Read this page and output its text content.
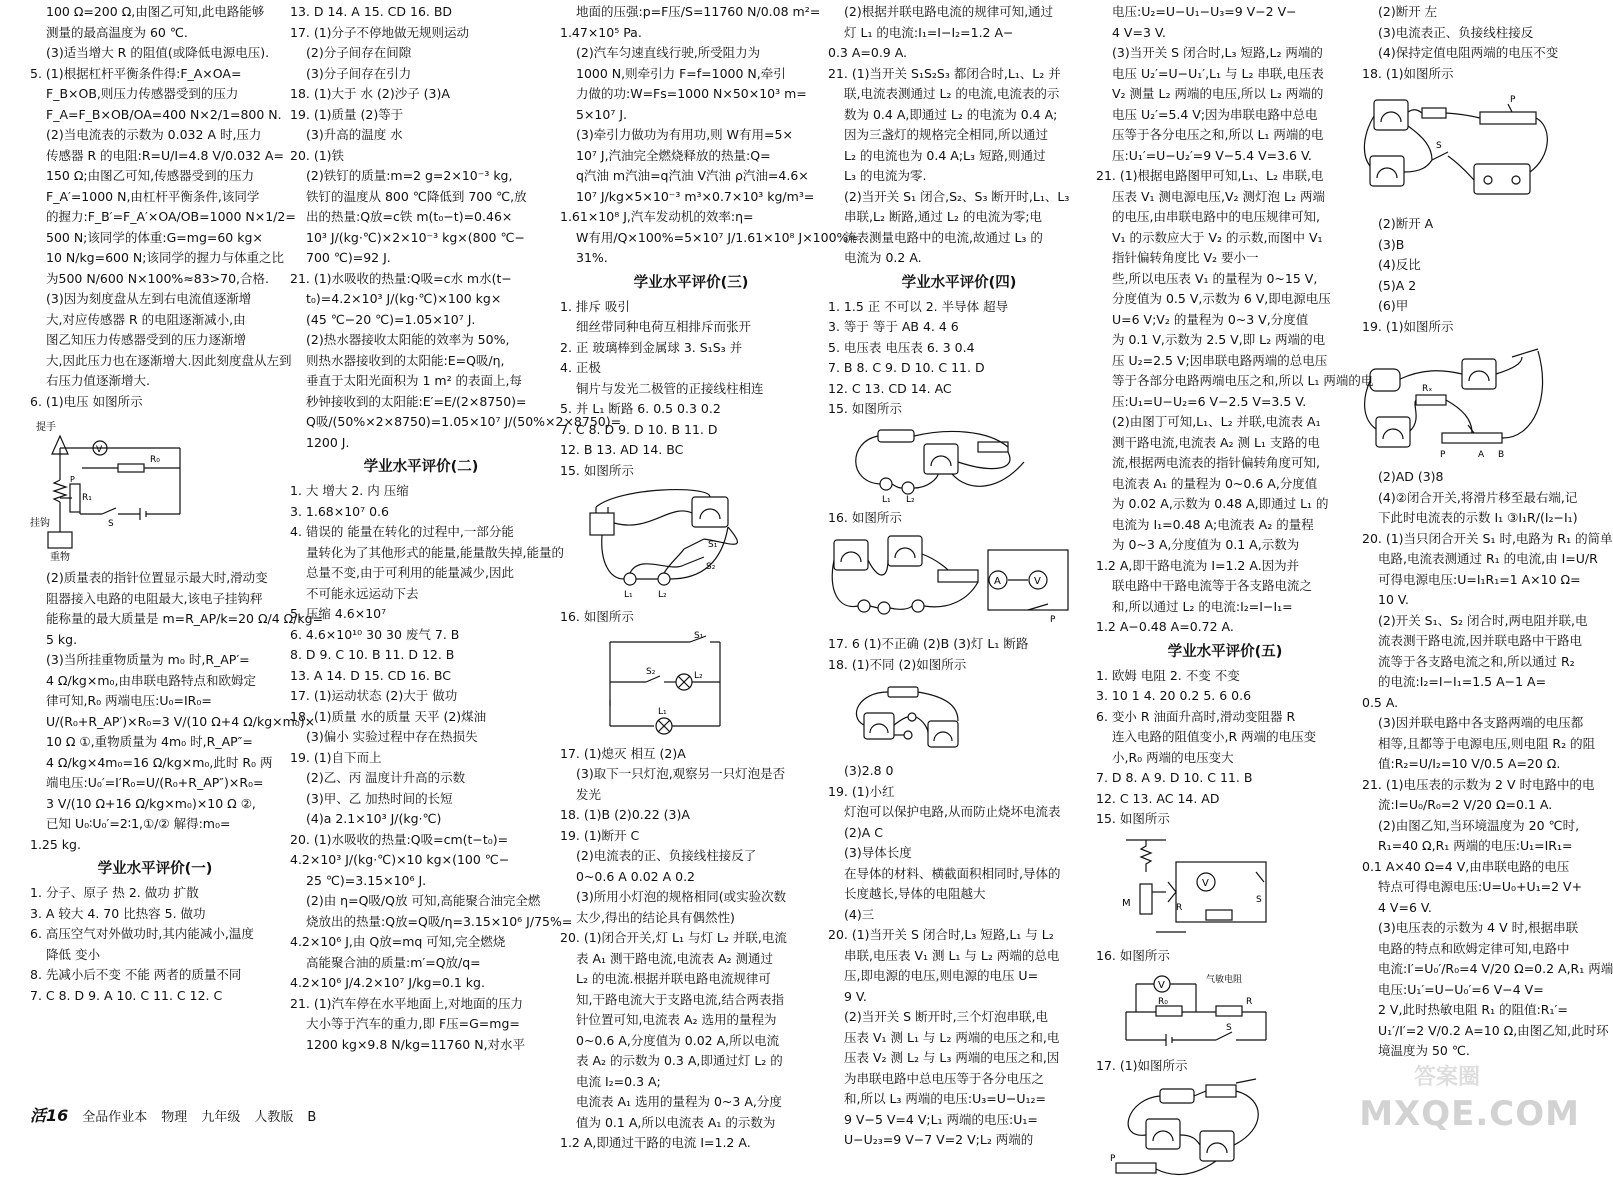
100 Ω=200 Ω,由图乙可知,此电路能够
测量的最高温度为 60 ℃.
(3)适当增大 R 的阻值(或降低电源电压).
5. (1)根据杠杆平衡条件得:F_A×OA=
F_B×OB,则压力传感器受到的压力
F_A=F_B×OB/OA=400 N×2/1=800 N.
(2)当电流表的示数为 0.032 A 时,压力
传感器 R 的电阻:R=U/I=4.8 V/0.032 A=
150 Ω;由图乙可知,传感器受到的压力
F_A′=1000 N,由杠杆平衡条件,该同学
的握力:F_B′=F_A′×OA/OB=1000 N×1/2=
500 N;该同学的体重:G=mg=60 kg×
10 N/kg=600 N;该同学的握力与体重之比
为500 N/600 N×100%≈83>70,合格.
(3)因为刻度盘从左到右电流值逐渐增
大,对应传感器 R 的电阻逐渐减小,由
图乙知压力传感器受到的压力逐渐增
大,因此压力也在逐渐增大.因此刻度盘从左到
右压力值逐渐增大.
6. (1)电压 如图所示
V
R₀
R₁
P
S
提手
挂钩
重物
(2)质量表的指针位置显示最大时,滑动变
阻器接入电路的电阻最大,该电子挂钩秤
能称量的最大质量是 m=R_AP/k=20 Ω/4 Ω/kg=
5 kg.
(3)当所挂重物质量为 m₀ 时,R_AP′=
4 Ω/kg×m₀,由串联电路特点和欧姆定
律可知,R₀ 两端电压:U₀=IR₀=
U/(R₀+R_AP′)×R₀=3 V/(10 Ω+4 Ω/kg×m₀)×
10 Ω ①,重物质量为 4m₀ 时,R_AP″=
4 Ω/kg×4m₀=16 Ω/kg×m₀,此时 R₀ 两
端电压:U₀′=I′R₀=U/(R₀+R_AP″)×R₀=
3 V/(10 Ω+16 Ω/kg×m₀)×10 Ω ②,
已知 U₀∶U₀′=2∶1,①/② 解得:m₀=
1.25 kg.
学业水平评价(一)
1. 分子、原子 热 2. 做功 扩散
3. A 较大 4. 70 比热容 5. 做功
6. 高压空气对外做功时,其内能减小,温度
降低 变小
8. 先减小后不变 不能 两者的质量不同
7. C 8. D 9. A 10. C 11. C 12. C
13. D 14. A 15. CD 16. BD
17. (1)分子不停地做无规则运动
(2)分子间存在间隙
(3)分子间存在引力
18. (1)大于 水 (2)沙子 (3)A
19. (1)质量 (2)等于
(3)升高的温度 水
20. (1)铁
(2)铁钉的质量:m=2 g=2×10⁻³ kg,
铁钉的温度从 800 ℃降低到 700 ℃,放
出的热量:Q放=c铁 m(t₀−t)=0.46×
10³ J/(kg·℃)×2×10⁻³ kg×(800 ℃−
700 ℃)=92 J.
21. (1)水吸收的热量:Q吸=c水 m水(t−
t₀)=4.2×10³ J/(kg·℃)×100 kg×
(45 ℃−20 ℃)=1.05×10⁷ J.
(2)热水器接收太阳能的效率为 50%,
则热水器接收到的太阳能:E=Q吸/η,
垂直于太阳光面积为 1 m² 的表面上,每
秒钟接收到的太阳能:E′=E/(2×8750)=
Q吸/(50%×2×8750)=1.05×10⁷ J/(50%×2×8750)=
1200 J.
学业水平评价(二)
1. 大 增大 2. 内 压缩
3. 1.68×10⁷ 0.6
4. 错误的 能量在转化的过程中,一部分能
量转化为了其他形式的能量,能量散失掉,能量的
总量不变,由于可利用的能量减少,因此
不可能永远运动下去
5. 压缩 4.6×10⁷
6. 4.6×10¹⁰ 30 30 废气 7. B
8. D 9. C 10. B 11. D 12. B
13. A 14. D 15. CD 16. BC
17. (1)运动状态 (2)大于 做功
18. (1)质量 水的质量 天平 (2)煤油
(3)偏小 实验过程中存在热损失
19. (1)自下而上
(2)乙、丙 温度计升高的示数
(3)甲、乙 加热时间的长短
(4)a 2.1×10³ J/(kg·℃)
20. (1)水吸收的热量:Q吸=cm(t−t₀)=
4.2×10³ J/(kg·℃)×10 kg×(100 ℃−
25 ℃)=3.15×10⁶ J.
(2)由 η=Q吸/Q放 可知,高能聚合油完全燃
烧放出的热量:Q放=Q吸/η=3.15×10⁶ J/75%=
4.2×10⁶ J,由 Q放=mq 可知,完全燃烧
高能聚合油的质量:m′=Q放/q=
4.2×10⁶ J/4.2×10⁷ J/kg=0.1 kg.
21. (1)汽车停在水平地面上,对地面的压力
大小等于汽车的重力,即 F压=G=mg=
1200 kg×9.8 N/kg=11760 N,对水平
地面的压强:p=F压/S=11760 N/0.08 m²=
1.47×10⁵ Pa.
(2)汽车匀速直线行驶,所受阻力为
1000 N,则牵引力 F=f=1000 N,牵引
力做的功:W=Fs=1000 N×50×10³ m=
5×10⁷ J.
(3)牵引力做功为有用功,则 W有用=5×
10⁷ J,汽油完全燃烧释放的热量:Q=
q汽油 m汽油=q汽油 V汽油 ρ汽油=4.6×
10⁷ J/kg×5×10⁻³ m³×0.7×10³ kg/m³=
1.61×10⁸ J,汽车发动机的效率:η=
W有用/Q×100%=5×10⁷ J/1.61×10⁸ J×100%≈
31%.
学业水平评价(三)
1. 排斥 吸引
细丝带同种电荷互相排斥而张开
2. 正 玻璃棒到金属球 3. S₁S₃ 并
4. 正极
铜片与发光二极管的正接线柱相连
5. 并 L₁ 断路 6. 0.5 0.3 0.2
7. C 8. D 9. D 10. B 11. D
12. B 13. AD 14. BC
15. 如图所示
L₁	L₂
S₁
S₂
16. 如图所示
S₁
S₂	L₂
L₁
17. (1)熄灭 相互 (2)A
(3)取下一只灯泡,观察另一只灯泡是否
发光
18. (1)B (2)0.22 (3)A
19. (1)断开 C
(2)电流表的正、负接线柱接反了
0~0.6 A 0.02 A 0.2
(3)所用小灯泡的规格相同(或实验次数
太少,得出的结论具有偶然性)
20. (1)闭合开关,灯 L₁ 与灯 L₂ 并联,电流
表 A₁ 测干路电流,电流表 A₂ 测通过
L₂ 的电流.根据并联电路电流规律可
知,干路电流大于支路电流,结合两表指
针位置可知,电流表 A₂ 选用的量程为
0~0.6 A,分度值为 0.02 A,所以电流
表 A₂ 的示数为 0.3 A,即通过灯 L₂ 的
电流 I₂=0.3 A;
电流表 A₁ 选用的量程为 0~3 A,分度
值为 0.1 A,所以电流表 A₁ 的示数为
1.2 A,即通过干路的电流 I=1.2 A.
(2)根据并联电路电流的规律可知,通过
灯 L₁ 的电流:I₁=I−I₂=1.2 A−
0.3 A=0.9 A.
21. (1)当开关 S₁S₂S₃ 都闭合时,L₁、L₂ 并
联,电流表测通过 L₂ 的电流,电流表的示
数为 0.4 A,即通过 L₂ 的电流为 0.4 A;
因为三盏灯的规格完全相同,所以通过
L₂ 的电流也为 0.4 A;L₃ 短路,则通过
L₃ 的电流为零.
(2)当开关 S₁ 闭合,S₂、S₃ 断开时,L₁、L₃
串联,L₂ 断路,通过 L₂ 的电流为零;电
流表测量电路中的电流,故通过 L₃ 的
电流为 0.2 A.
学业水平评价(四)
1. 1.5 正 不可以 2. 半导体 超导
3. 等于 等于 AB 4. 4 6
5. 电压表 电压表 6. 3 0.4
7. B 8. C 9. D 10. C 11. D
12. C 13. CD 14. AC
15. 如图所示
L₁ L₂
16. 如图所示
A	V
P
17. 6 (1)不正确 (2)B (3)灯 L₁ 断路
18. (1)不同 (2)如图所示
(3)2.8 0
19. (1)小红
灯泡可以保护电路,从而防止烧坏电流表
(2)A C
(3)导体长度
在导体的材料、横截面积相同时,导体的
长度越长,导体的电阻越大
(4)三
20. (1)当开关 S 闭合时,L₃ 短路,L₁ 与 L₂
串联,电压表 V₁ 测 L₁ 与 L₂ 两端的总电
压,即电源的电压,则电源的电压 U=
9 V.
(2)当开关 S 断开时,三个灯泡串联,电
压表 V₁ 测 L₁ 与 L₂ 两端的电压之和,电
压表 V₂ 测 L₂ 与 L₃ 两端的电压之和,因
为串联电路中总电压等于各分电压之
和,所以 L₃ 两端的电压:U₃=U−U₁₂=
9 V−5 V=4 V;L₁ 两端的电压:U₁=
U−U₂₃=9 V−7 V=2 V;L₂ 两端的
电压:U₂=U−U₁−U₃=9 V−2 V−
4 V=3 V.
(3)当开关 S 闭合时,L₃ 短路,L₂ 两端的
电压 U₂′=U−U₁′,L₁ 与 L₂ 串联,电压表
V₂ 测量 L₂ 两端的电压,所以 L₂ 两端的
电压 U₂′=5.4 V;因为串联电路中总电
压等于各分电压之和,所以 L₁ 两端的电
压:U₁′=U−U₂′=9 V−5.4 V=3.6 V.
21. (1)根据电路图甲可知,L₁、L₂ 串联,电
压表 V₁ 测电源电压,V₂ 测灯泡 L₂ 两端
的电压,由串联电路中的电压规律可知,
V₁ 的示数应大于 V₂ 的示数,而图中 V₁
指针偏转角度比 V₂ 要小一
些,所以电压表 V₁ 的量程为 0~15 V,
分度值为 0.5 V,示数为 6 V,即电源电压
U=6 V;V₂ 的量程为 0~3 V,分度值
为 0.1 V,示数为 2.5 V,即 L₂ 两端的电
压 U₂=2.5 V;因串联电路两端的总电压
等于各部分电路两端电压之和,所以 L₁ 两端的电
压:U₁=U−U₂=6 V−2.5 V=3.5 V.
(2)由图丁可知,L₁、L₂ 并联,电流表 A₁
测干路电流,电流表 A₂ 测 L₁ 支路的电
流,根据两电流表的指针偏转角度可知,
电流表 A₁ 的量程为 0~0.6 A,分度值
为 0.02 A,示数为 0.48 A,即通过 L₁ 的
电流为 I₁=0.48 A;电流表 A₂ 的量程
为 0~3 A,分度值为 0.1 A,示数为
1.2 A,即干路电流为 I=1.2 A.因为并
联电路中干路电流等于各支路电流之
和,所以通过 L₂ 的电流:I₂=I−I₁=
1.2 A−0.48 A=0.72 A.
学业水平评价(五)
1. 欧姆 电阻 2. 不变 不变
3. 10 1 4. 20 0.2 5. 6 0.6
6. 变小 R 油面升高时,滑动变阻器 R
连入电路的阻值变小,R 两端的电压变
小,R₀ 两端的电压变大
7. D 8. A 9. D 10. C 11. B
12. C 13. AC 14. AD
15. 如图所示
V
M	R
S
16. 如图所示
V
R₀	R
气敏电阻
S
17. (1)如图所示
P
(2)断开 左
(3)电流表正、负接线柱接反
(4)保持定值电阻两端的电压不变
18. (1)如图所示
P
S
(2)断开 A
(3)B
(4)反比
(5)A 2
(6)甲
19. (1)如图所示
Rₓ
P	A B
(2)AD (3)8
(4)②闭合开关,将滑片移至最右端,记
下此时电流表的示数 I₁ ③I₁R/(I₂−I₁)
20. (1)当只闭合开关 S₁ 时,电路为 R₁ 的简单
电路,电流表测通过 R₁ 的电流,由 I=U/R
可得电源电压:U=I₁R₁=1 A×10 Ω=
10 V.
(2)开关 S₁、S₂ 闭合时,两电阻并联,电
流表测干路电流,因并联电路中干路电
流等于各支路电流之和,所以通过 R₂
的电流:I₂=I−I₁=1.5 A−1 A=
0.5 A.
(3)因并联电路中各支路两端的电压都
相等,且都等于电源电压,则电阻 R₂ 的阻
值:R₂=U/I₂=10 V/0.5 A=20 Ω.
21. (1)电压表的示数为 2 V 时电路中的电
流:I=U₀/R₀=2 V/20 Ω=0.1 A.
(2)由图乙知,当环境温度为 20 ℃时,
R₁=40 Ω,R₁ 两端的电压:U₁=IR₁=
0.1 A×40 Ω=4 V,由串联电路的电压
特点可得电源电压:U=U₀+U₁=2 V+
4 V=6 V.
(3)电压表的示数为 4 V 时,根据串联
电路的特点和欧姆定律可知,电路中
电流:I′=U₀′/R₀=4 V/20 Ω=0.2 A,R₁ 两端
电压:U₁′=U−U₀′=6 V−4 V=
2 V,此时热敏电阻 R₁ 的阻值:R₁′=
U₁′/I′=2 V/0.2 A=10 Ω,由图乙知,此时环
境温度为 50 ℃.
活16 全品作业本 物理 九年级 人教版 B
答案圈
MXQE.COM
